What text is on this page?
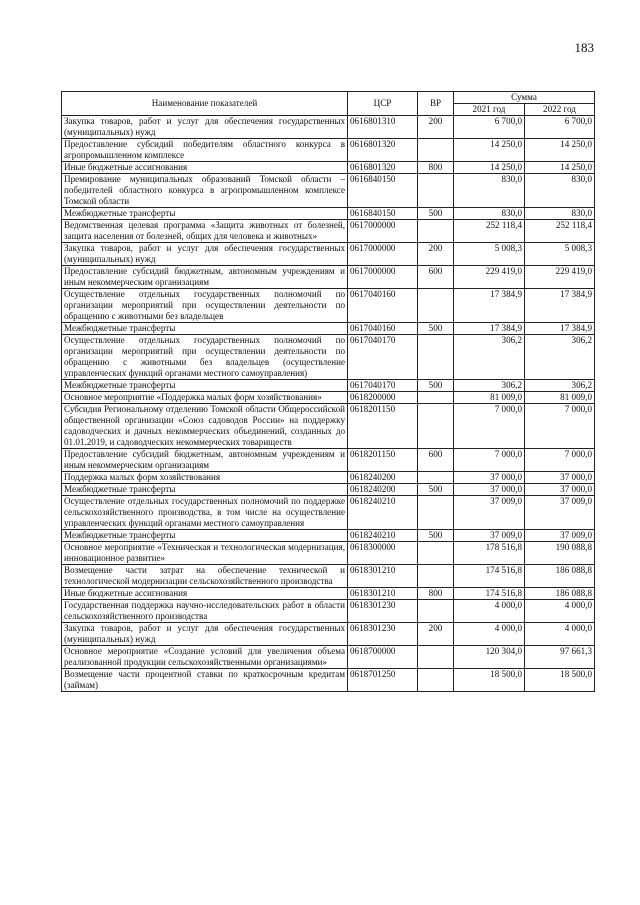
183
Наименование показателей	ЦСР	ВР	Сумма	
			2021 год	2022 год
Закупка товаров, работ и услуг для обеспечения государственных (муниципальных) нужд	0616801310	200	6 700,0	6 700,0
Предоставление субсидий победителям областного конкурса в агропромышленном комплексе	0616801320		14 250,0	14 250,0
Иные бюджетные ассигнования	0616801320	800	14 250,0	14 250,0
Премирование муниципальных образований Томской области – победителей областного конкурса в агропромышленном комплексе Томской области	0616840150		830,0	830,0
Межбюджетные трансферты	0616840150	500	830,0	830,0
Ведомственная целевая программа «Защита животных от болезней, защита населения от болезней, общих для человека и животных»	0617000000		252 118,4	252 118,4
Закупка товаров, работ и услуг для обеспечения государственных (муниципальных) нужд	0617000000	200	5 008,3	5 008,3
Предоставление субсидий бюджетным, автономным учреждениям и иным некоммерческим организациям	0617000000	600	229 419,0	229 419,0
Осуществление отдельных государственных полномочий по организации мероприятий при осуществлении деятельности по обращению с животными без владельцев	0617040160		17 384,9	17 384,9
Межбюджетные трансферты	0617040160	500	17 384,9	17 384,9
Осуществление отдельных государственных полномочий по организации мероприятий при осуществлении деятельности по обращению с животными без владельцев (осуществление управленческих функций органами местного самоуправления)	0617040170		306,2	306,2
Межбюджетные трансферты	0617040170	500	306,2	306,2
Основное мероприятие «Поддержка малых форм хозяйствования»	0618200000		81 009,0	81 009,0
Субсидия Региональному отделению Томской области Общероссийской общественной организации «Союз садоводов России» на поддержку садоводческих и дачных некоммерческих объединений, созданных до 01.01.2019, и садоводческих некоммерческих товариществ	0618201150		7 000,0	7 000,0
Предоставление субсидий бюджетным, автономным учреждениям и иным некоммерческим организациям	0618201150	600	7 000,0	7 000,0
Поддержка малых форм хозяйствования	0618240200		37 000,0	37 000,0
Межбюджетные трансферты	0618240200	500	37 000,0	37 000,0
Осуществление отдельных государственных полномочий по поддержке сельскохозяйственного производства, в том числе на осуществление управленческих функций органами местного самоуправления	0618240210		37 009,0	37 009,0
Межбюджетные трансферты	0618240210	500	37 009,0	37 009,0
Основное мероприятие «Техническая и технологическая модернизация, инновационное развитие»	0618300000		178 516,8	190 088,8
Возмещение части затрат на обеспечение технической и технологической модернизации сельскохозяйственного производства	0618301210		174 516,8	186 088,8
Иные бюджетные ассигнования	0618301210	800	174 516,8	186 088,8
Государственная поддержка научно-исследовательских работ в области сельскохозяйственного производства	0618301230		4 000,0	4 000,0
Закупка товаров, работ и услуг для обеспечения государственных (муниципальных) нужд	0618301230	200	4 000,0	4 000,0
Основное мероприятие «Создание условий для увеличения объема реализованной продукции сельскохозяйственными организациями»	0618700000		120 304,0	97 661,3
Возмещение части процентной ставки по краткосрочным кредитам (займам)	0618701250		18 500,0	18 500,0
